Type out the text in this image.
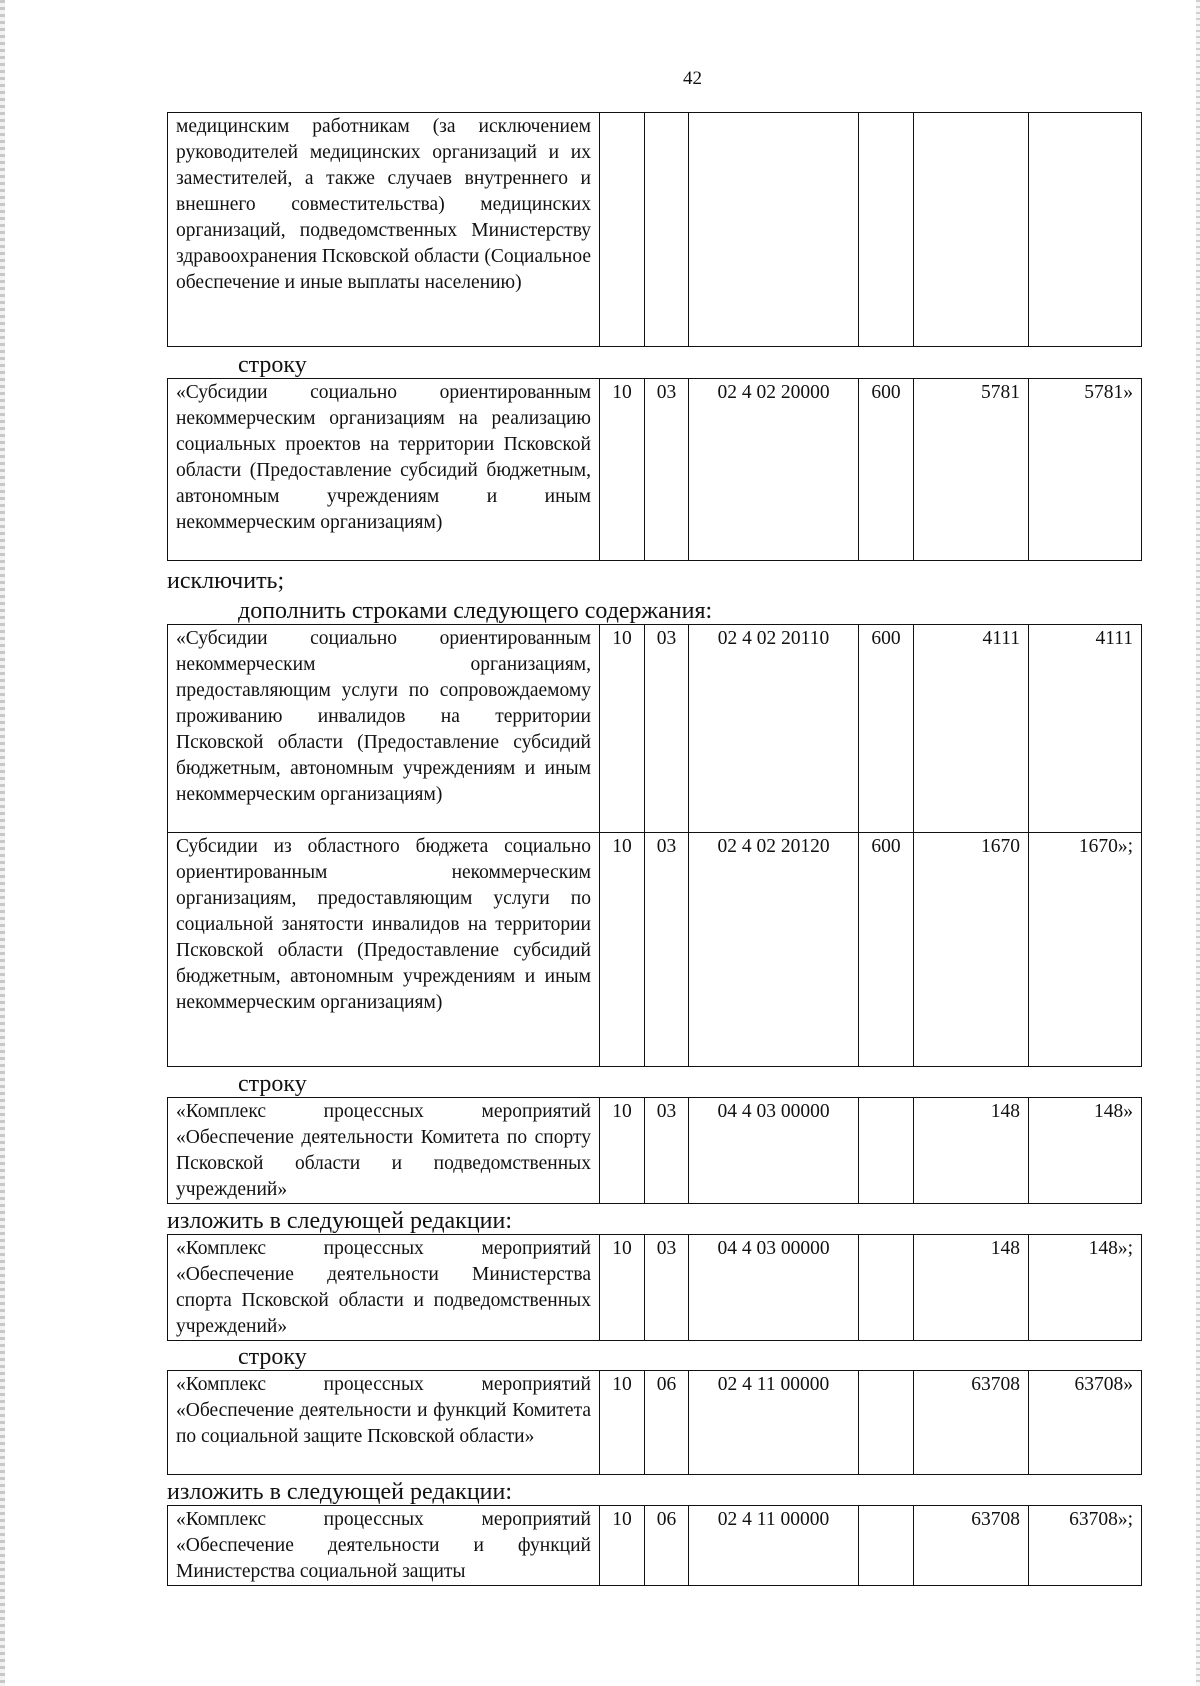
42
медицинским работникам (за исключением руководителей медицинских организаций и их заместителей, а также случаев внутреннего и внешнего совместительства) медицинских организаций, подведомственных Министерству здравоохранения Псковской области (Социальное обеспечение и иные выплаты населению)						
строку
«Субсидии социально ориентированным некоммерческим организациям на реализацию социальных проектов на территории Псковской области (Предоставление субсидий бюджетным, автономным учреждениям и иным некоммерческим организациям)	10	03	02 4 02 20000	600	5781	5781»
исключить;
дополнить строками следующего содержания:
«Субсидии социально ориентированным некоммерческим организациям, предоставляющим услуги по сопровождаемому проживанию инвалидов на территории Псковской области (Предоставление субсидий бюджетным, автономным учреждениям и иным некоммерческим организациям)	10	03	02 4 02 20110	600	4111	4111
Субсидии из областного бюджета социально ориентированным некоммерческим организациям, предоставляющим услуги по социальной занятости инвалидов на территории Псковской области (Предоставление субсидий бюджетным, автономным учреждениям и иным некоммерческим организациям)	10	03	02 4 02 20120	600	1670	1670»;
строку
«Комплекс процессных мероприятий «Обеспечение деятельности Комитета по спорту Псковской области и подведомственных учреждений»	10	03	04 4 03 00000		148	148»
изложить в следующей редакции:
«Комплекс процессных мероприятий «Обеспечение деятельности Министерства спорта Псковской области и подведомственных учреждений»	10	03	04 4 03 00000		148	148»;
строку
«Комплекс процессных мероприятий «Обеспечение деятельности и функций Комитета по социальной защите Псковской области»	10	06	02 4 11 00000		63708	63708»
изложить в следующей редакции:
«Комплекс процессных мероприятий «Обеспечение деятельности и функций Министерства социальной защиты	10	06	02 4 11 00000		63708	63708»;
